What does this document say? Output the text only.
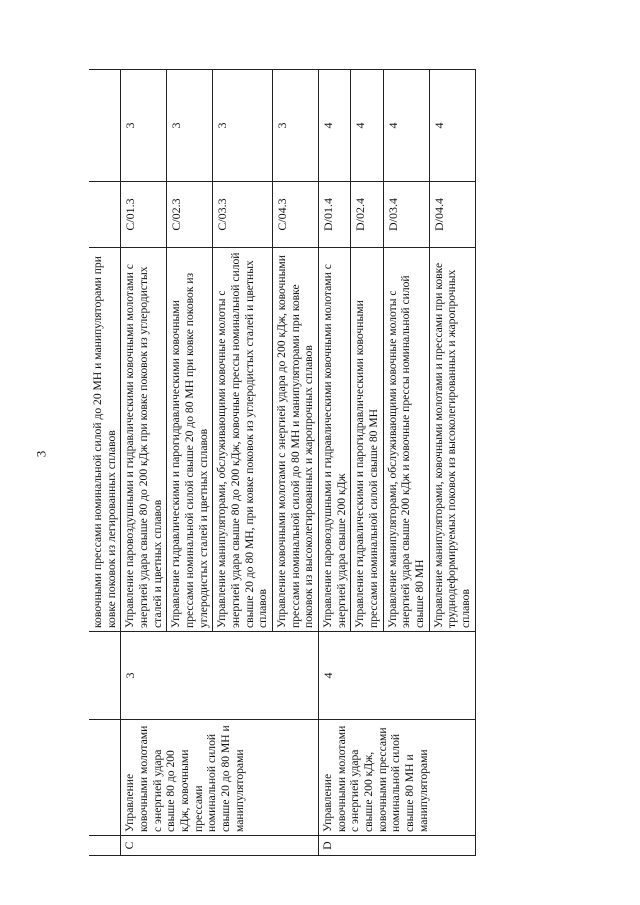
3
				ковочными прессами номинальной силой до 20 МН и манипуляторами при ковке поковок из легированных сплавов		
C	Управление ковочными молотами с энергией удара свыше 80 до 200 кДж, ковочными прессами номинальной силой свыше 20 до 80 МН и манипуляторами	3	Управление паровоздушными и гидравлическими ковочными молотами с энергией удара свыше 80 до 200 кДж при ковке поковок из углеродистых сталей и цветных сплавов	C/01.3	3
			Управление гидравлическими и парогидравлическими ковочными прессами номинальной силой свыше 20 до 80 МН при ковке поковок из углеродистых сталей и цветных сплавов	C/02.3	3
			Управление манипуляторами, обслуживающими ковочные молоты с энергией удара свыше 80 до 200 кДж, ковочные прессы номинальной силой свыше 20 до 80 МН, при ковке поковок из углеродистых сталей и цветных сплавов	C/03.3	3
			Управление ковочными молотами с энергией удара до 200 кДж, ковочными прессами номинальной силой до 80 МН и манипуляторами при ковке поковок из высоколегированных и жаропрочных сплавов	C/04.3	3
D	Управление ковочными молотами с энергией удара свыше 200 кДж, ковочными прессами номинальной силой свыше 80 МН и манипуляторами	4	Управление паровоздушными и гидравлическими ковочными молотами с энергией удара свыше 200 кДж	D/01.4	4
			Управление гидравлическими и парогидравлическими ковочными прессами номинальной силой свыше 80 МН	D/02.4	4
			Управление манипуляторами, обслуживающими ковочные молоты с энергией удара свыше 200 кДж и ковочные прессы номинальной силой свыше 80 МН	D/03.4	4
			Управление манипуляторами, ковочными молотами и прессами при ковке труднодеформируемых поковок из высоколегированных и жаропрочных сплавов	D/04.4	4
